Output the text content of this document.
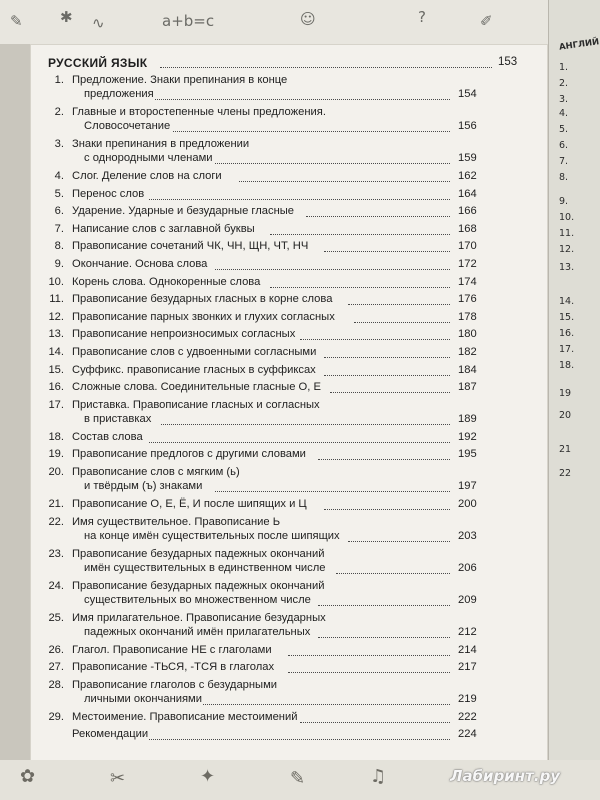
✎ ✱ ∿	a+b=c	☺	?	✐
АНГЛИЙ
1.
2.
3.
4.
5.
6.
7.
8.
9.
10.
11.
12.
13.
14.
15.
16.
17.
18.
19
20
21
22
РУССКИЙ ЯЗЫК	153
1. Предложение. Знаки препинания в конце
предложения	154
2. Главные и второстепенные члены предложения.
Словосочетание	156
3. Знаки препинания в предложении
с однородными членами	159
4. Слог. Деление слов на слоги	162
5. Перенос слов	164
6. Ударение. Ударные и безударные гласные	166
7. Написание слов с заглавной буквы	168
8. Правописание сочетаний ЧК, ЧН, ЩН, ЧТ, НЧ	170
9. Окончание. Основа слова	172
10. Корень слова. Однокоренные слова	174
11. Правописание безударных гласных в корне слова	176
12. Правописание парных звонких и глухих согласных	178
13. Правописание непроизносимых согласных	180
14. Правописание слов с удвоенными согласными	182
15. Суффикс. правописание гласных в суффиксах	184
16. Сложные слова. Соединительные гласные О, Е	187
17. Приставка. Правописание гласных и согласных
в приставках	189
18. Состав слова	192
19. Правописание предлогов с другими словами	195
20. Правописание слов с мягким (ь)
и твёрдым (ъ) знаками	197
21. Правописание О, Е, Ё, И после шипящих и Ц	200
22. Имя существительное. Правописание Ь
на конце имён существительных после шипящих	203
23. Правописание безударных падежных окончаний
имён существительных в единственном числе	206
24. Правописание безударных падежных окончаний
существительных во множественном числе	209
25. Имя прилагательное. Правописание безударных
падежных окончаний имён прилагательных	212
26. Глагол. Правописание НЕ с глаголами	214
27. Правописание -ТЬСЯ, -ТСЯ в глаголах	217
28. Правописание глаголов с безударными
личными окончаниями	219
29. Местоимение. Правописание местоимений	222
Рекомендации	224
✿	✂	✦	✎	♫	Лабиринт.ру
